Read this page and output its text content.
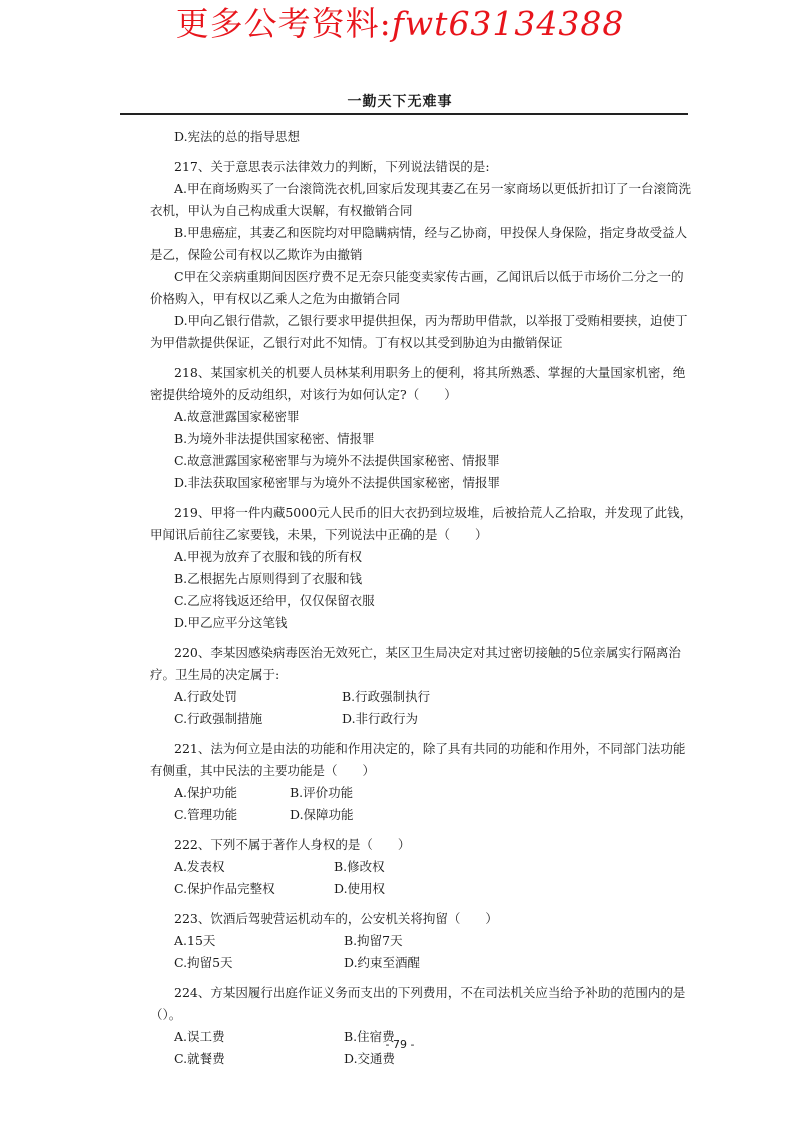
更多公考资料:fwt63134388
一勤天下无难事

D.宪法的总的指导思想

217、关于意思表示法律效力的判断，下列说法错误的是:

A.甲在商场购买了一台滚筒洗衣机,回家后发现其妻乙在另一家商场以更低折扣订了一台滚筒洗衣机，甲认为自己构成重大误解，有权撤销合同

B.甲患癌症，其妻乙和医院均对甲隐瞒病情，经与乙协商，甲投保人身保险，指定身故受益人是乙，保险公司有权以乙欺诈为由撤销

C甲在父亲病重期间因医疗费不足无奈只能变卖家传古画，乙闻讯后以低于市场价二分之一的价格购入，甲有权以乙乘人之危为由撤销合同

D.甲向乙银行借款，乙银行要求甲提供担保，丙为帮助甲借款，以举报丁受贿相要挟，迫使丁为甲借款提供保证，乙银行对此不知情。丁有权以其受到胁迫为由撤销保证

218、某国家机关的机要人员林某利用职务上的便利，将其所熟悉、掌握的大量国家机密，绝密提供给境外的反动组织，对该行为如何认定?（　　）

A.故意泄露国家秘密罪

B.为境外非法提供国家秘密、情报罪

C.故意泄露国家秘密罪与为境外不法提供国家秘密、情报罪

D.非法获取国家秘密罪与为境外不法提供国家秘密，情报罪

219、甲将一件内藏5000元人民币的旧大衣扔到垃圾堆，后被拾荒人乙拾取，并发现了此钱，甲闻讯后前往乙家要钱，未果，下列说法中正确的是（　　）

A.甲视为放弃了衣服和钱的所有权

B.乙根据先占原则得到了衣服和钱

C.乙应将钱返还给甲，仅仅保留衣服

D.甲乙应平分这笔钱

220、李某因感染病毒医治无效死亡，某区卫生局决定对其过密切接触的5位亲属实行隔离治疗。卫生局的决定属于:

A.行政处罚	B.行政强制执行
C.行政强制措施	D.非行政行为

221、法为何立是由法的功能和作用决定的，除了具有共同的功能和作用外，不同部门法功能有侧重，其中民法的主要功能是（　　）

A.保护功能	B.评价功能
C.管理功能	D.保障功能

222、下列不属于著作人身权的是（　　）

A.发表权	B.修改权
C.保护作品完整权	D.使用权

223、饮酒后驾驶营运机动车的，公安机关将拘留（　　）

A.15天	B.拘留7天
C.拘留5天	D.约束至酒醒

224、方某因履行出庭作证义务而支出的下列费用，不在司法机关应当给予补助的范围内的是（）。

A.误工费	B.住宿费
C.就餐费	D.交通费
- 79 -
